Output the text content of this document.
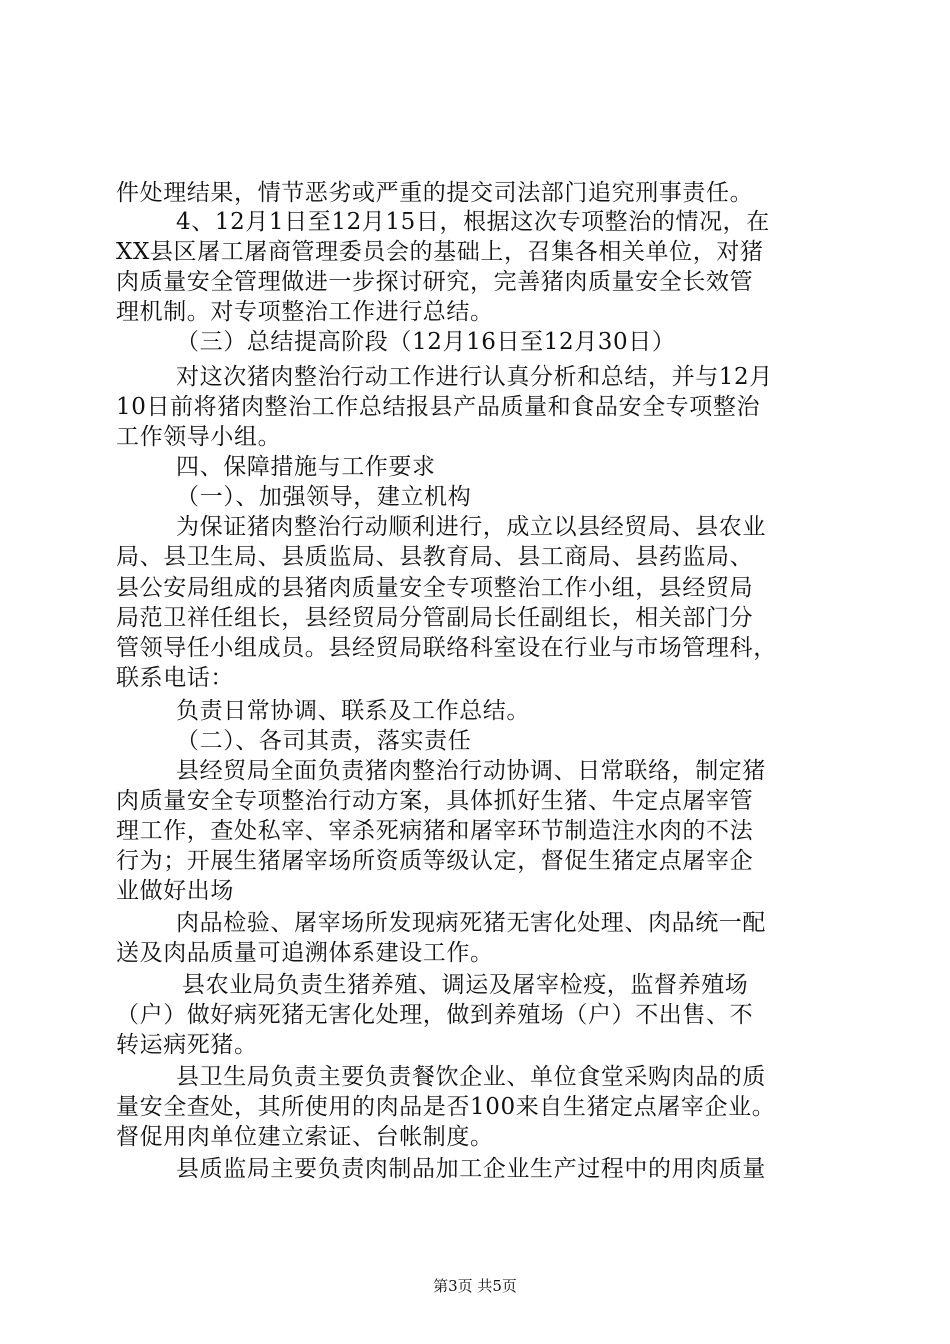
件处理结果，情节恶劣或严重的提交司法部门追究刑事责任。
4、12月1日至12月15日，根据这次专项整治的情况，在
XX县区屠工屠商管理委员会的基础上，召集各相关单位，对猪
肉质量安全管理做进一步探讨研究，完善猪肉质量安全长效管
理机制。对专项整治工作进行总结。
（三）总结提高阶段（12月16日至12月30日）
对这次猪肉整治行动工作进行认真分析和总结，并与12月
10日前将猪肉整治工作总结报县产品质量和食品安全专项整治
工作领导小组。
四、保障措施与工作要求
（一）、加强领导，建立机构
为保证猪肉整治行动顺利进行，成立以县经贸局、县农业
局、县卫生局、县质监局、县教育局、县工商局、县药监局、
县公安局组成的县猪肉质量安全专项整治工作小组，县经贸局
局范卫祥任组长，县经贸局分管副局长任副组长，相关部门分
管领导任小组成员。县经贸局联络科室设在行业与市场管理科，
联系电话：
负责日常协调、联系及工作总结。
（二）、各司其责，落实责任
县经贸局全面负责猪肉整治行动协调、日常联络，制定猪
肉质量安全专项整治行动方案，具体抓好生猪、牛定点屠宰管
理工作，查处私宰、宰杀死病猪和屠宰环节制造注水肉的不法
行为；开展生猪屠宰场所资质等级认定，督促生猪定点屠宰企
业做好出场
肉品检验、屠宰场所发现病死猪无害化处理、肉品统一配
送及肉品质量可追溯体系建设工作。
县农业局负责生猪养殖、调运及屠宰检疫，监督养殖场
（户）做好病死猪无害化处理，做到养殖场（户）不出售、不
转运病死猪。
县卫生局负责主要负责餐饮企业、单位食堂采购肉品的质
量安全查处，其所使用的肉品是否100来自生猪定点屠宰企业。
督促用肉单位建立索证、台帐制度。
县质监局主要负责肉制品加工企业生产过程中的用肉质量
第3页 共5页
